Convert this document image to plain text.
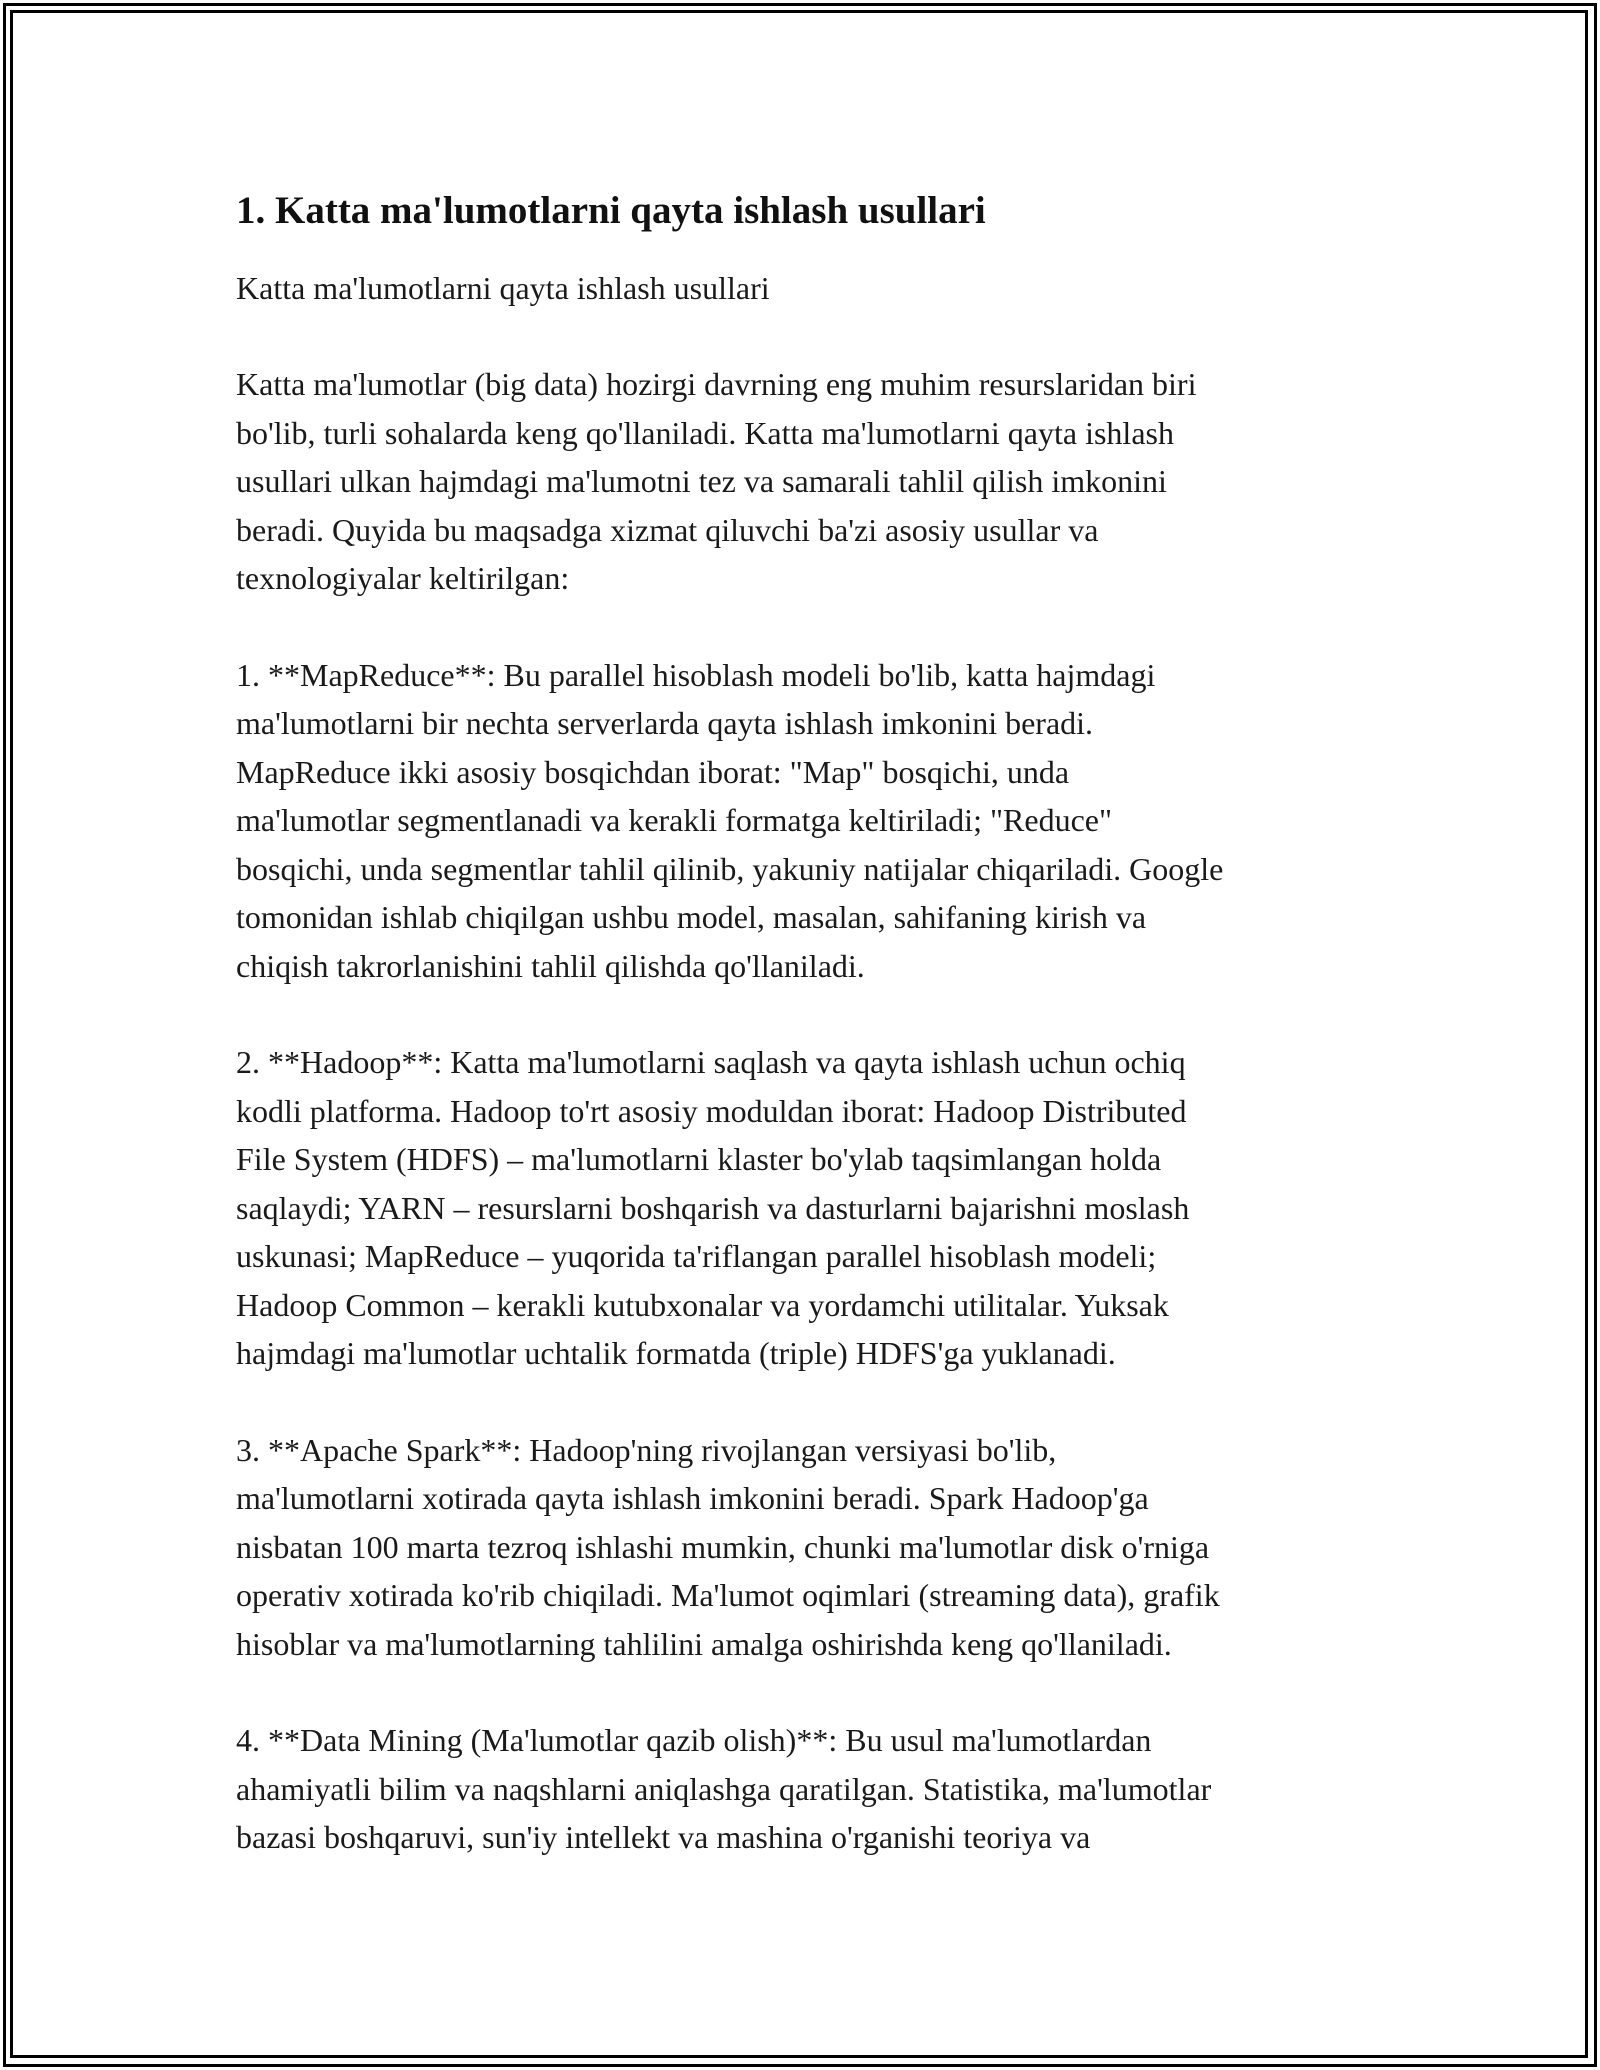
1. Katta ma'lumotlarni qayta ishlash usullari

Katta ma'lumotlarni qayta ishlash usullari

Katta ma'lumotlar (big data) hozirgi davrning eng muhim resurslaridan biri
bo'lib, turli sohalarda keng qo'llaniladi. Katta ma'lumotlarni qayta ishlash
usullari ulkan hajmdagi ma'lumotni tez va samarali tahlil qilish imkonini
beradi. Quyida bu maqsadga xizmat qiluvchi ba'zi asosiy usullar va
texnologiyalar keltirilgan:
1. **MapReduce**: Bu parallel hisoblash modeli bo'lib, katta hajmdagi
ma'lumotlarni bir nechta serverlarda qayta ishlash imkonini beradi.
MapReduce ikki asosiy bosqichdan iborat: "Map" bosqichi, unda
ma'lumotlar segmentlanadi va kerakli formatga keltiriladi; "Reduce"
bosqichi, unda segmentlar tahlil qilinib, yakuniy natijalar chiqariladi. Google
tomonidan ishlab chiqilgan ushbu model, masalan, sahifaning kirish va
chiqish takrorlanishini tahlil qilishda qo'llaniladi.
2. **Hadoop**: Katta ma'lumotlarni saqlash va qayta ishlash uchun ochiq
kodli platforma. Hadoop to'rt asosiy moduldan iborat: Hadoop Distributed
File System (HDFS) – ma'lumotlarni klaster bo'ylab taqsimlangan holda
saqlaydi; YARN – resurslarni boshqarish va dasturlarni bajarishni moslash
uskunasi; MapReduce – yuqorida ta'riflangan parallel hisoblash modeli;
Hadoop Common – kerakli kutubxonalar va yordamchi utilitalar. Yuksak
hajmdagi ma'lumotlar uchtalik formatda (triple) HDFS'ga yuklanadi.
3. **Apache Spark**: Hadoop'ning rivojlangan versiyasi bo'lib,
ma'lumotlarni xotirada qayta ishlash imkonini beradi. Spark Hadoop'ga
nisbatan 100 marta tezroq ishlashi mumkin, chunki ma'lumotlar disk o'rniga
operativ xotirada ko'rib chiqiladi. Ma'lumot oqimlari (streaming data), grafik
hisoblar va ma'lumotlarning tahlilini amalga oshirishda keng qo'llaniladi.
4. **Data Mining (Ma'lumotlar qazib olish)**: Bu usul ma'lumotlardan
ahamiyatli bilim va naqshlarni aniqlashga qaratilgan. Statistika, ma'lumotlar
bazasi boshqaruvi, sun'iy intellekt va mashina o'rganishi teoriya va
